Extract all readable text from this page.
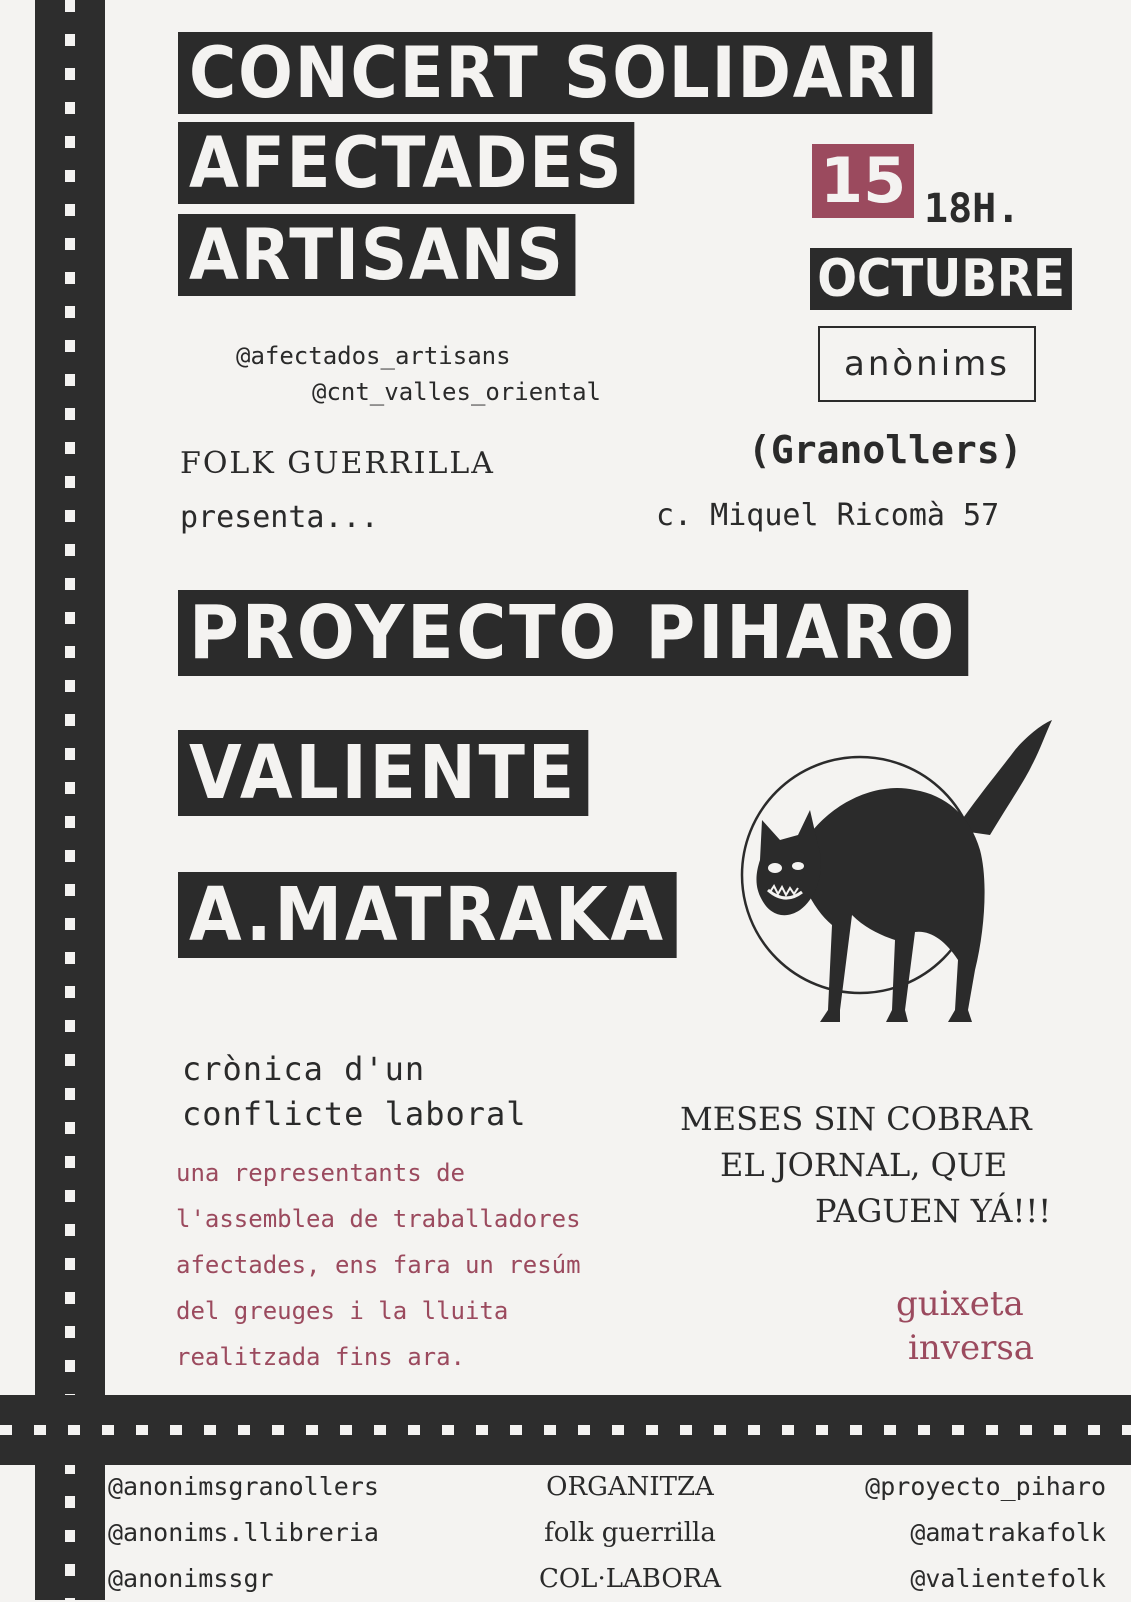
CONCERT SOLIDARI
AFECTADES
ARTISANS
15 18H.
OCTUBRE
anònims
@afectados_artisans
@cnt_valles_oriental
FOLK GUERRILLA
presenta...
(Granollers)
c. Miquel Ricomà 57
PROYECTO PIHARO
VALIENTE
A.MATRAKA
crònica d'un
conflicte laboral
una representants de
l'assemblea de traballadores
afectades, ens fara un resúm
del greuges i la lluita
realitzada fins ara.
MESES SIN COBRAR
EL JORNAL, QUE
PAGUEN YÁ!!!
guixeta
inversa
@anonimsgranollers
@anonims.llibreria
@anonimssgr
ORGANITZA
folk guerrilla
COL·LABORA
@proyecto_piharo
@amatrakafolk
@valientefolk
